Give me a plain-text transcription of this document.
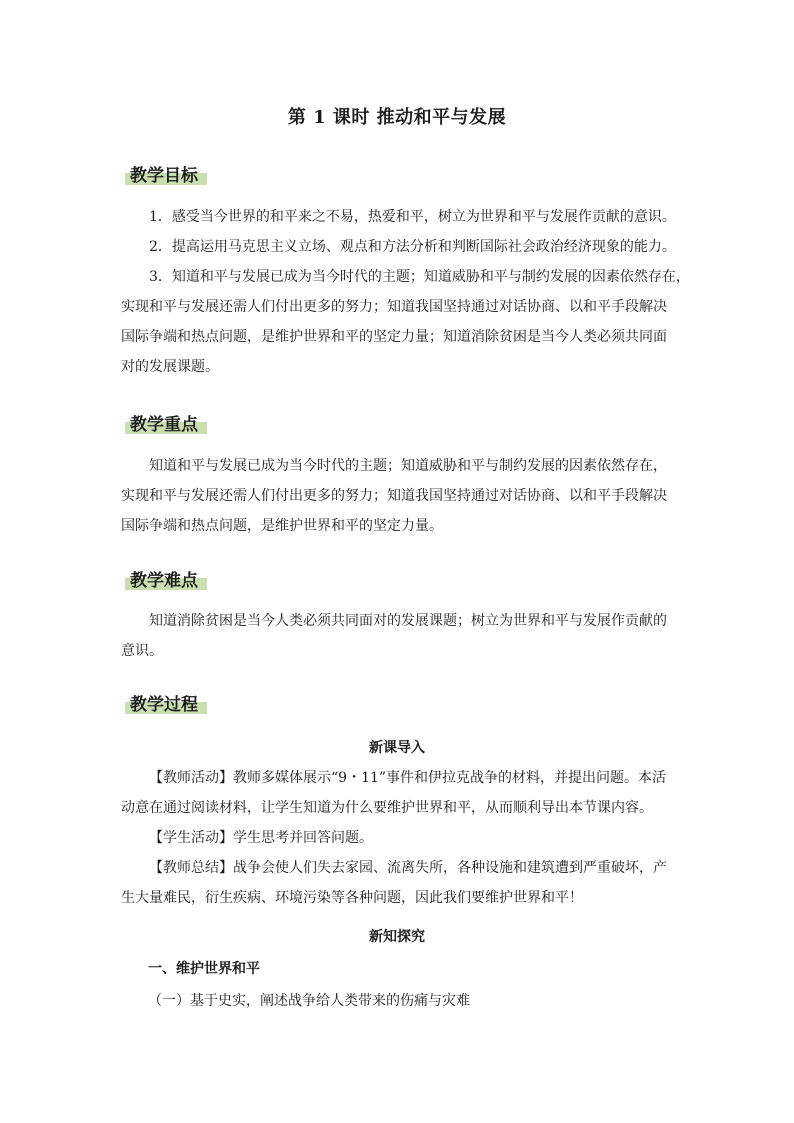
第 1 课时 推动和平与发展
教学目标
1．感受当今世界的和平来之不易，热爱和平，树立为世界和平与发展作贡献的意识。
2．提高运用马克思主义立场、观点和方法分析和判断国际社会政治经济现象的能力。
3．知道和平与发展已成为当今时代的主题；知道威胁和平与制约发展的因素依然存在，
实现和平与发展还需人们付出更多的努力；知道我国坚持通过对话协商、以和平手段解决
国际争端和热点问题，是维护世界和平的坚定力量；知道消除贫困是当今人类必须共同面
对的发展课题。
教学重点
知道和平与发展已成为当今时代的主题；知道威胁和平与制约发展的因素依然存在，
实现和平与发展还需人们付出更多的努力；知道我国坚持通过对话协商、以和平手段解决
国际争端和热点问题，是维护世界和平的坚定力量。
教学难点
知道消除贫困是当今人类必须共同面对的发展课题；树立为世界和平与发展作贡献的
意识。
教学过程
新课导入
【教师活动】教师多媒体展示“9・11”事件和伊拉克战争的材料，并提出问题。本活
动意在通过阅读材料，让学生知道为什么要维护世界和平，从而顺利导出本节课内容。
【学生活动】学生思考并回答问题。
【教师总结】战争会使人们失去家园、流离失所，各种设施和建筑遭到严重破坏，产
生大量难民，衍生疾病、环境污染等各种问题，因此我们要维护世界和平！
新知探究
一、维护世界和平
（一）基于史实，阐述战争给人类带来的伤痛与灾难
